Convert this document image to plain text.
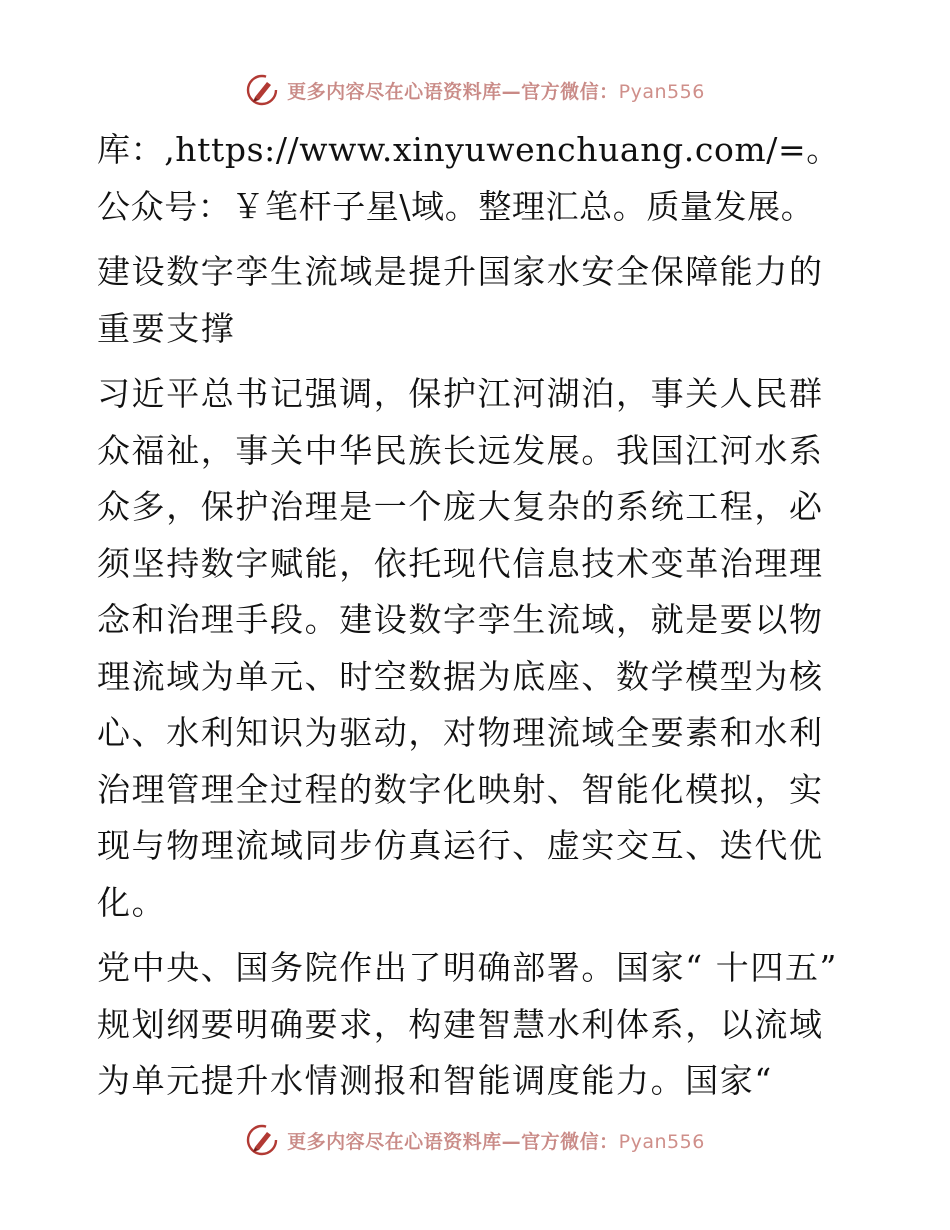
更多内容尽在心语资料库—官方微信：Pyan556

库：,https://www.xinyuwenchuang.com/=。公众号：￥笔杆子星\域。整理汇总。质量发展。

建设数字孪生流域是提升国家水安全保障能力的重要支撑

习近平总书记强调，保护江河湖泊，事关人民群众福祉，事关中华民族长远发展。我国江河水系众多，保护治理是一个庞大复杂的系统工程，必须坚持数字赋能，依托现代信息技术变革治理理念和治理手段。建设数字孪生流域，就是要以物理流域为单元、时空数据为底座、数学模型为核心、水利知识为驱动，对物理流域全要素和水利治理管理全过程的数字化映射、智能化模拟，实现与物理流域同步仿真运行、虚实交互、迭代优化。

党中央、国务院作出了明确部署。国家“ 十四五” 规划纲要明确要求，构建智慧水利体系，以流域为单元提升水情测报和智能调度能力。国家“

更多内容尽在心语资料库—官方微信：Pyan556
